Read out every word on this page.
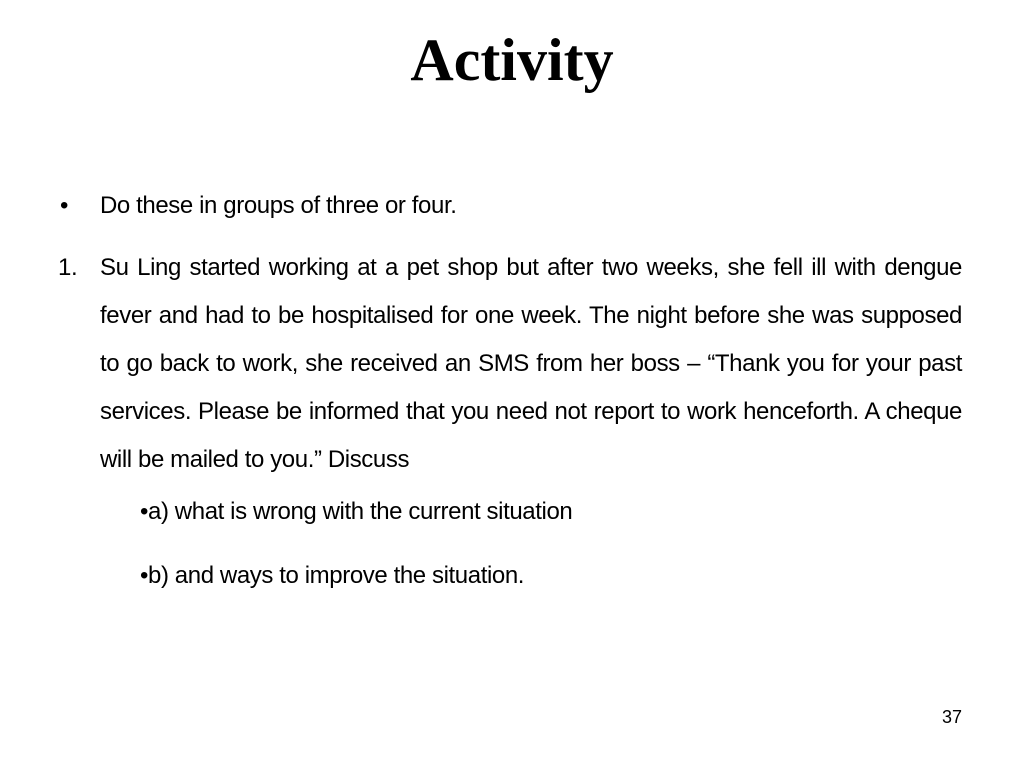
Activity
• Do these in groups of three or four.
1. Su Ling started working at a pet shop but after two weeks, she fell ill with dengue fever and had to be hospitalised for one week. The night before she was supposed to go back to work, she received an SMS from her boss – “Thank you for your past services. Please be informed that you need not report to work henceforth. A cheque will be mailed to you.” Discuss
•a) what is wrong with the current situation
•b) and ways to improve the situation.
37
